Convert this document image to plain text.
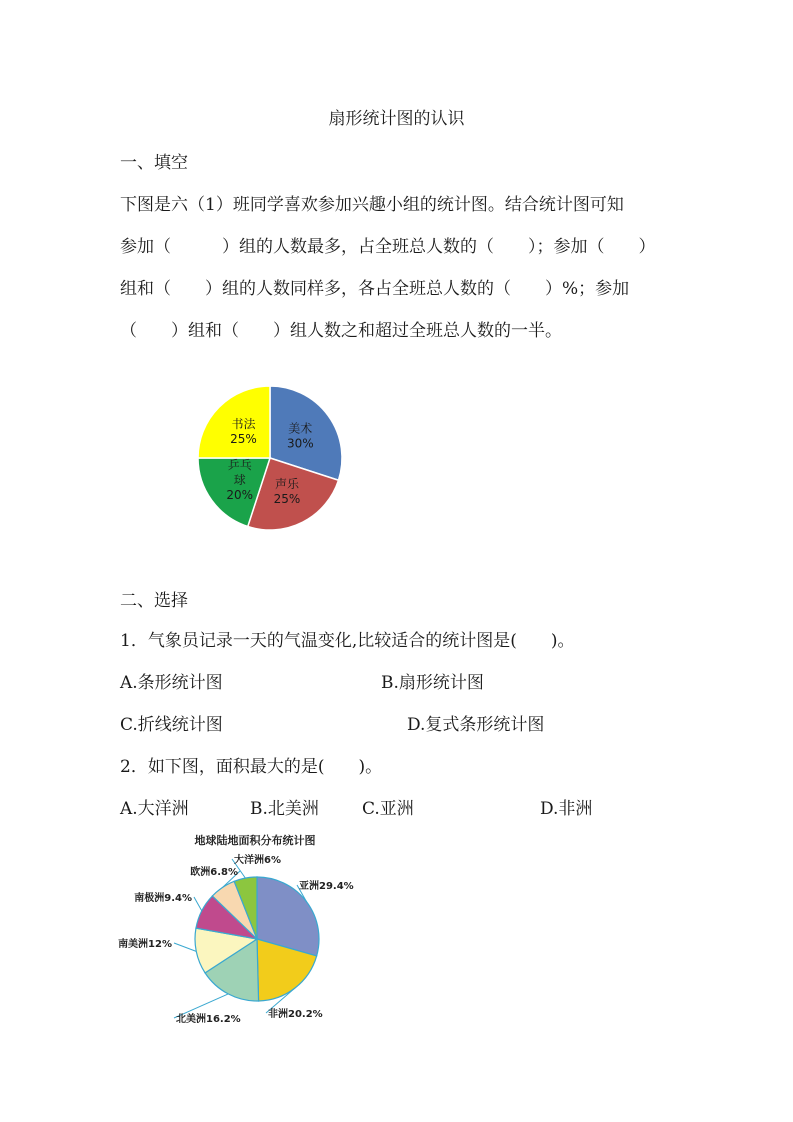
扇形统计图的认识
一、填空
下图是六（1）班同学喜欢参加兴趣小组的统计图。结合统计图可知
参加（　　　）组的人数最多，占全班总人数的（　　）；参加（　　）
组和（　　）组的人数同样多，各占全班总人数的（　　）%；参加
（　　）组和（　　）组人数之和超过全班总人数的一半。
美术
30%
声乐
25%
乒乓
球
20%
书法
25%
二、选择
1．气象员记录一天的气温变化,比较适合的统计图是(　　)。
A.条形统计图	B.扇形统计图
C.折线统计图	D.复式条形统计图
2．如下图，面积最大的是(　　)。
A.大洋洲	B.北美洲	C.亚洲	D.非洲
地球陆地面积分布统计图
亚洲29.4%
非洲20.2%
北美洲16.2%
南美洲12%
南极洲9.4%
欧洲6.8%
大洋洲6%
